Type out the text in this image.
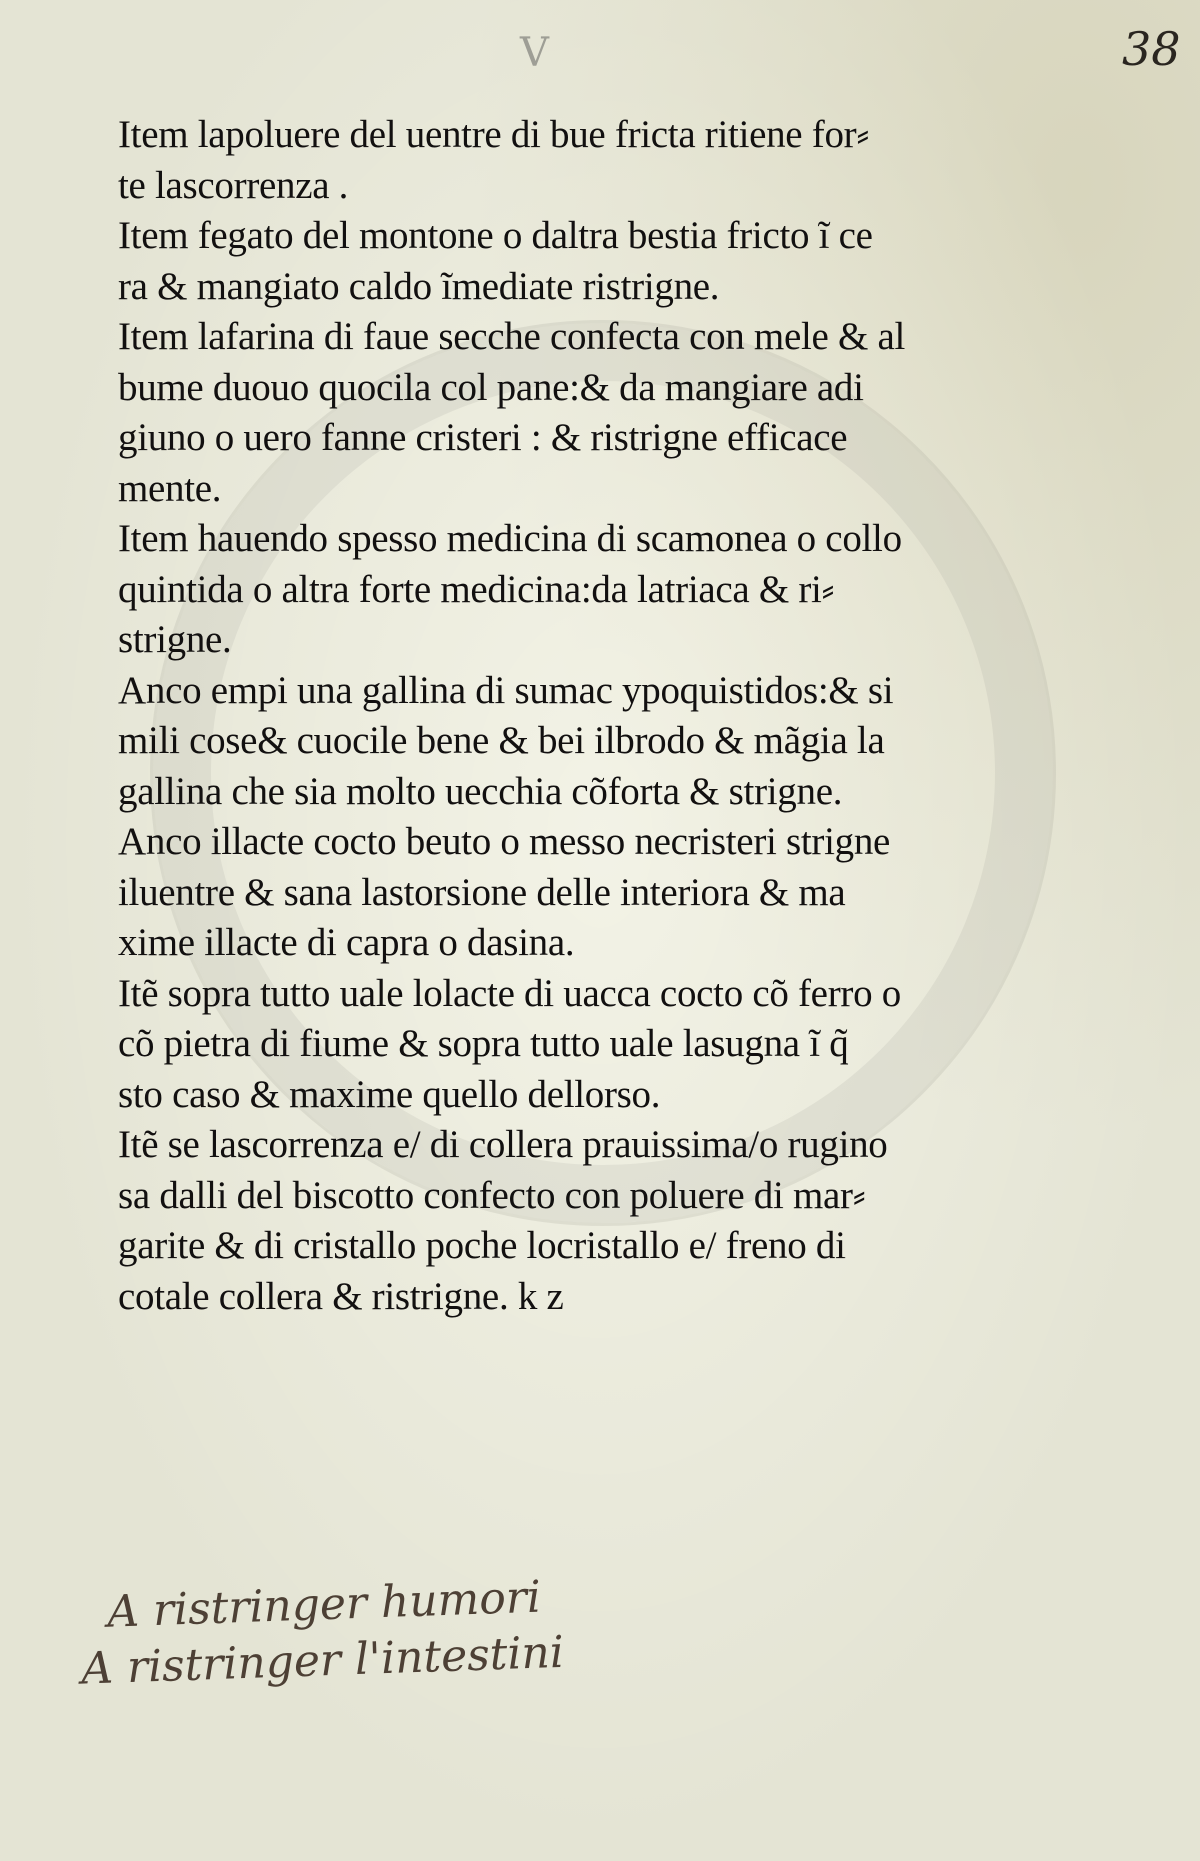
V	38

Item lapoluere del uentre di bue fricta ritiene for⸗
te lascorrenza .

Item fegato del montone o daltra bestia fricto ĩ ce
ra & mangiato caldo ĩmediate ristrigne.

Item lafarina di faue secche confecta con mele & al
bume duouo quocila col pane:& da mangiare adi
giuno o uero fanne cristeri : & ristrigne efficace
mente.

Item hauendo spesso medicina di scamonea o collo
quintida o altra forte medicina:da latriaca & ri⸗
strigne.

Anco empi una gallina di sumac ypoquistidos:& si
mili cose& cuocile bene & bei ilbrodo & mãgia la
gallina che sia molto uecchia cõforta & strigne.

Anco illacte cocto beuto o messo necristeri strigne
iluentre & sana lastorsione delle interiora & ma
xime illacte di capra o dasina.

Itẽ sopra tutto uale lolacte di uacca cocto cõ ferro o
cõ pietra di fiume & sopra tutto uale lasugna ĩ q̃
sto caso & maxime quello dellorso.

Itẽ se lascorrenza e/ di collera prauissima/o rugino
sa dalli del biscotto confecto con poluere di mar⸗
garite & di cristallo poche locristallo e/ freno di
cotale collera & ristrigne. k z

A ristringer humori
A ristringer l'intestini
